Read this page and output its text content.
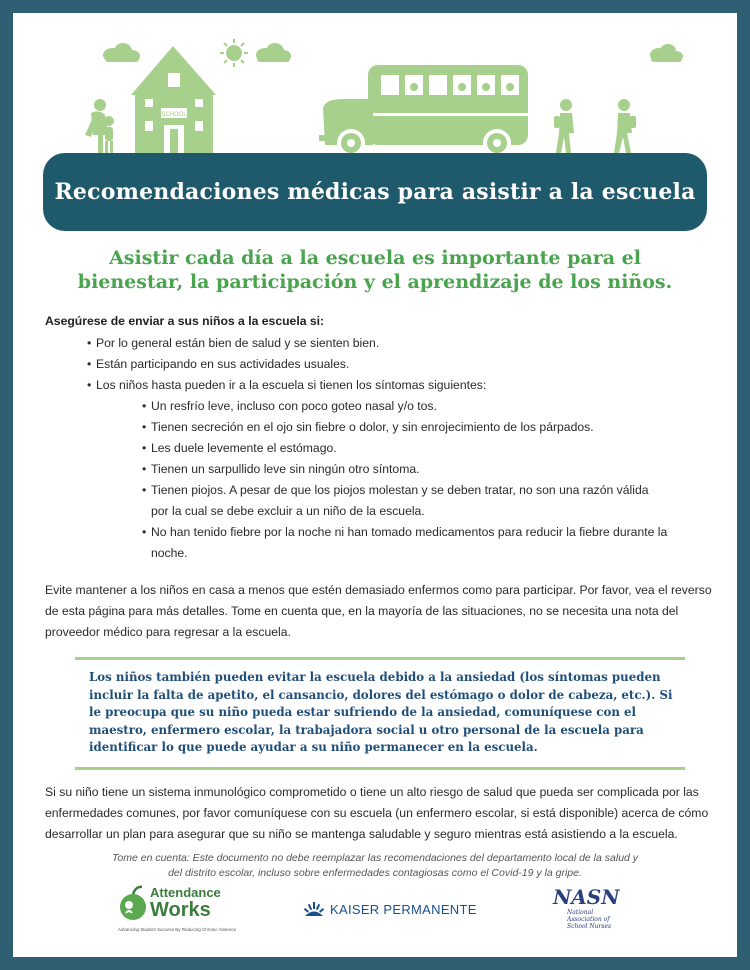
SCHOOL
Recomendaciones médicas para asistir a la escuela
Asistir cada día a la escuela es importante para el
bienestar, la participación y el aprendizaje de los niños.
Asegúrese de enviar a sus niños a la escuela si:
• Por lo general están bien de salud y se sienten bien.
• Están participando en sus actividades usuales.
• Los niños hasta pueden ir a la escuela si tienen los síntomas siguientes:
• Un resfrío leve, incluso con poco goteo nasal y/o tos.
• Tienen secreción en el ojo sin fiebre o dolor, y sin enrojecimiento de los párpados.
• Les duele levemente el estómago.
• Tienen un sarpullido leve sin ningún otro síntoma.
• Tienen piojos. A pesar de que los piojos molestan y se deben tratar, no son una razón válida por la cual se debe excluir a un niño de la escuela.
• No han tenido fiebre por la noche ni han tomado medicamentos para reducir la fiebre durante la noche.

Evite mantener a los niños en casa a menos que estén demasiado enfermos como para participar. Por favor, vea el reverso de esta página para más detalles. Tome en cuenta que, en la mayoría de las situaciones, no se necesita una nota del proveedor médico para regresar a la escuela.

Los niños también pueden evitar la escuela debido a la ansiedad (los síntomas pueden incluir la falta de apetito, el cansancio, dolores del estómago o dolor de cabeza, etc.). Si le preocupa que su niño pueda estar sufriendo de la ansiedad, comuníquese con el maestro, enfermero escolar, la trabajadora social u otro personal de la escuela para identificar lo que puede ayudar a su niño permanecer en la escuela.

Si su niño tiene un sistema inmunológico comprometido o tiene un alto riesgo de salud que pueda ser complicada por las enfermedades comunes, por favor comuníquese con su escuela (un enfermero escolar, si está disponible) acerca de cómo desarrollar un plan para asegurar que su niño se mantenga saludable y seguro mientras está asistiendo a la escuela.

Tome en cuenta: Este documento no debe reemplazar las recomendaciones del departamento local de la salud y
del distrito escolar, incluso sobre enfermedades contagiosas como el Covid-19 y la gripe.
Attendance
Works
Advancing Student Success By Reducing Chronic Absence
KAISER PERMANENTE	NASN
National
Association of
School Nurses
